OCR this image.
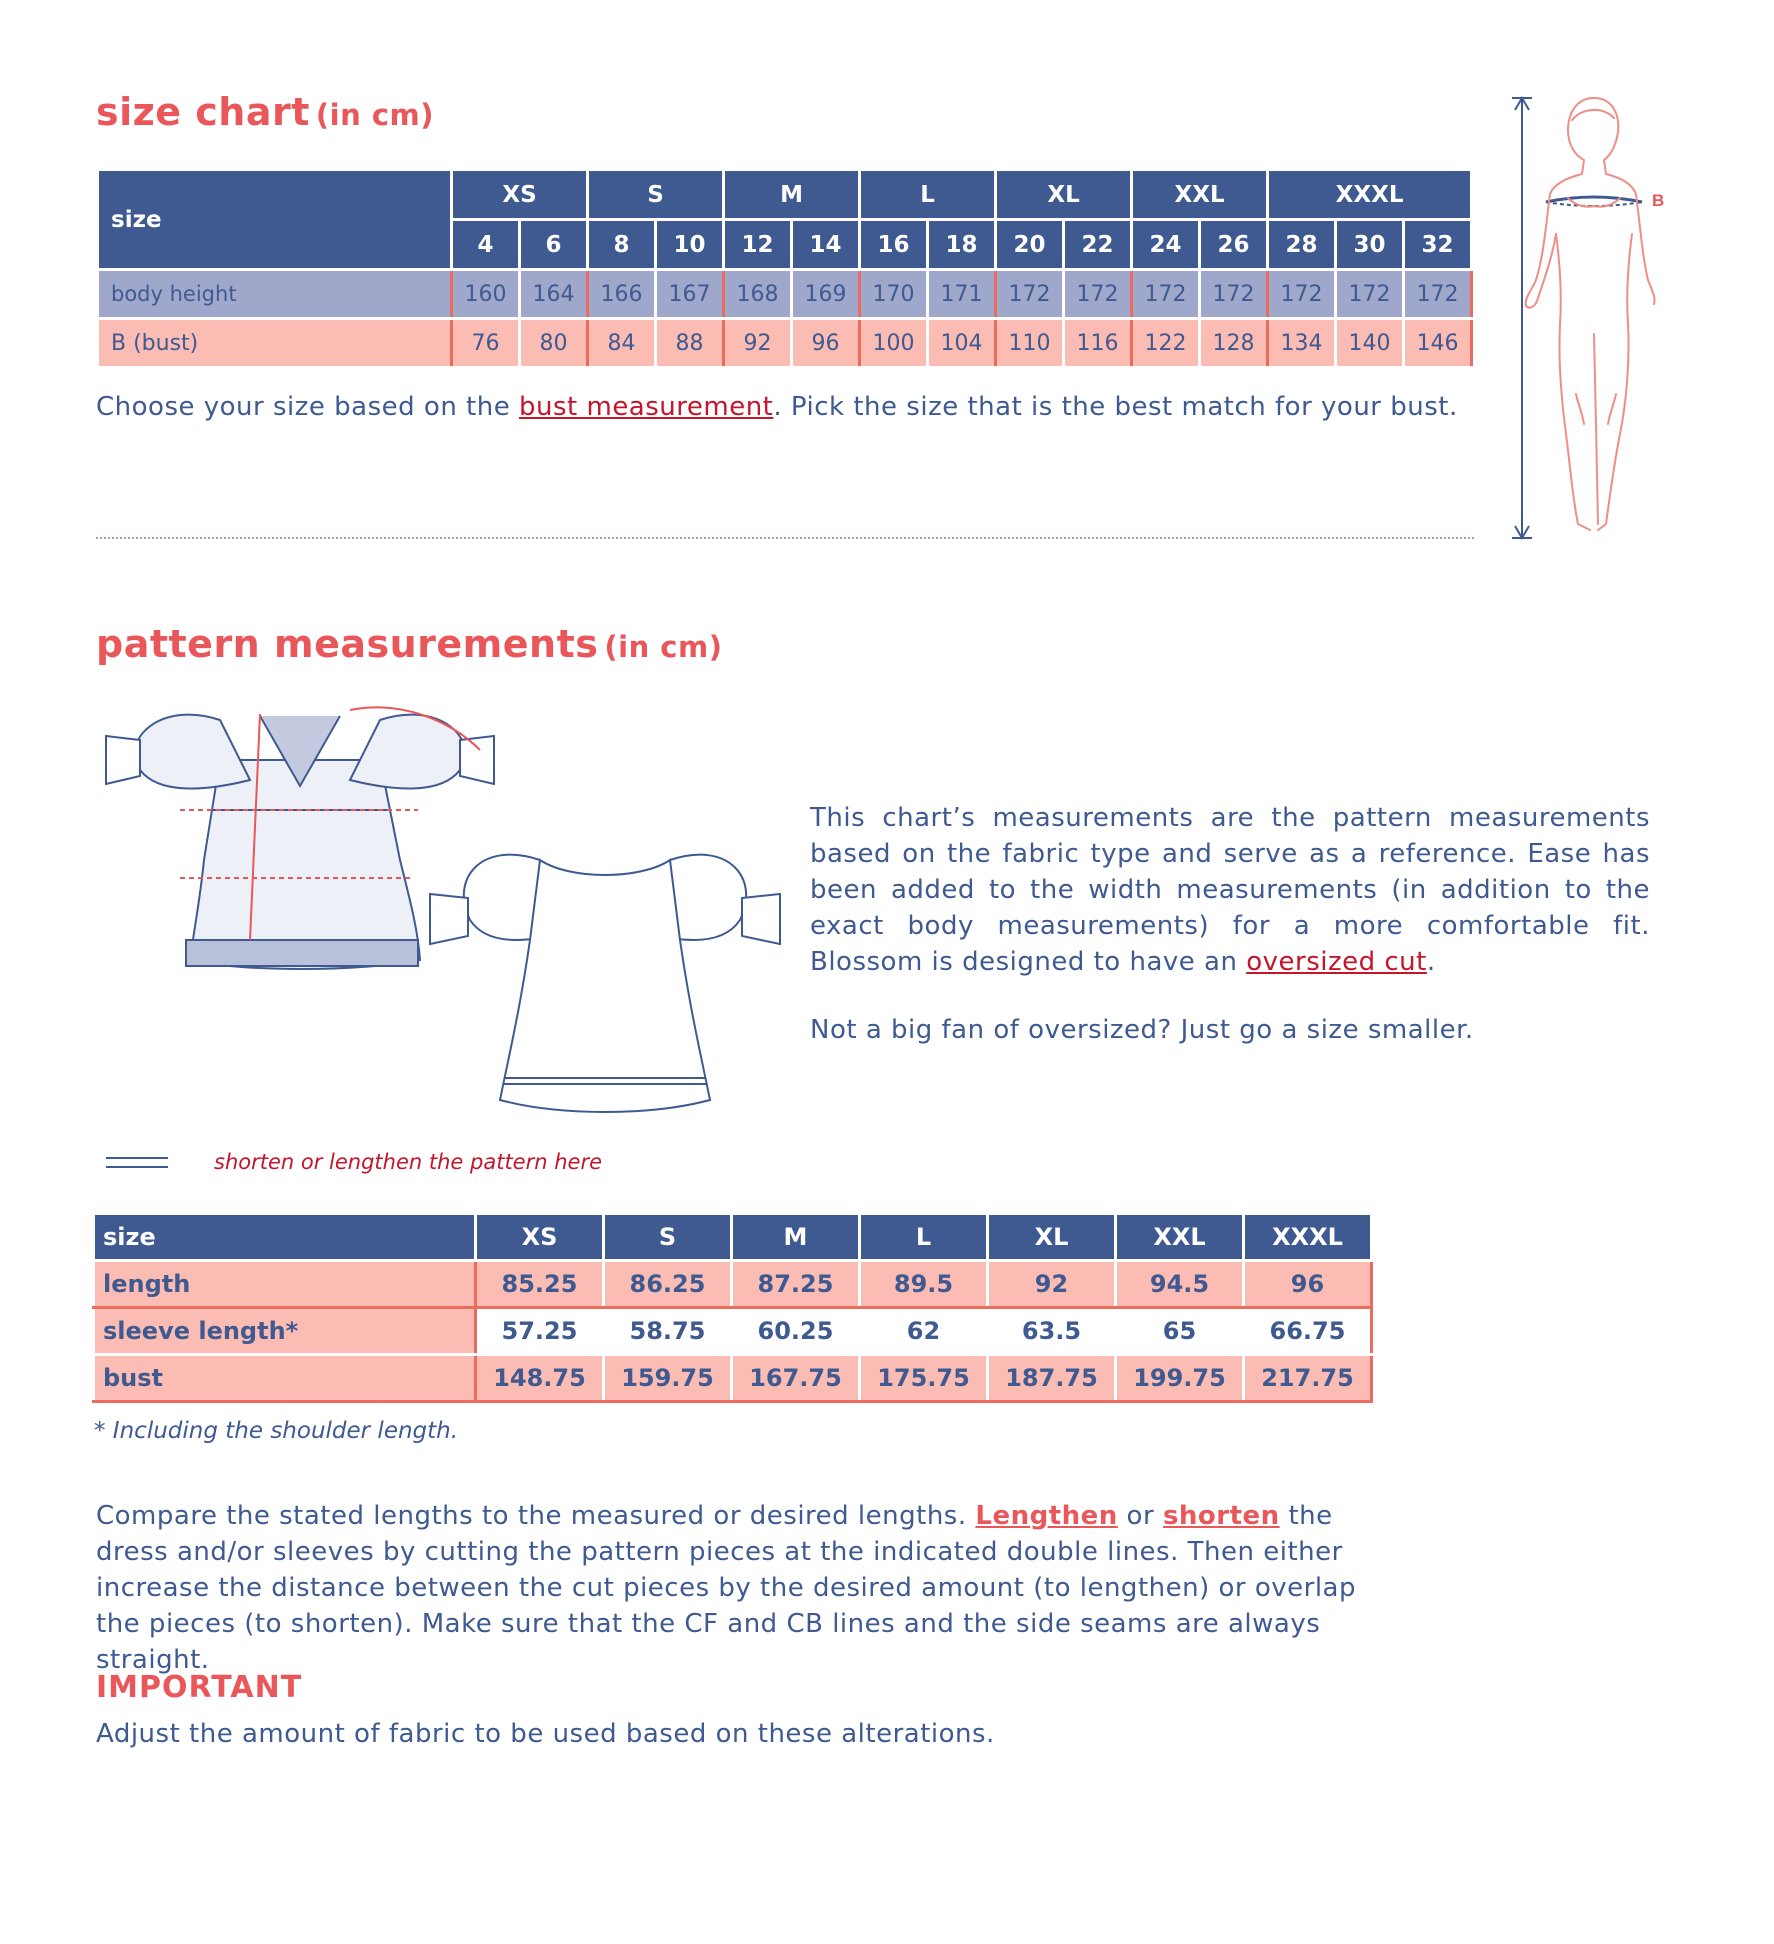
size chart (in cm)
size	XS		S		M		L		XL		XXL		XXXL		
	4	6	8	10	12	14	16	18	20	22	24	26	28	30	32
body height	160	164	166	167	168	169	170	171	172	172	172	172	172	172	172
B (bust)	76	80	84	88	92	96	100	104	110	116	122	128	134	140	146

Choose your size based on the bust measurement. Pick the size that is the best match for your bust.

B
pattern measurements (in cm)

This chart’s measurements are the pattern measurements based on the fabric type and serve as a reference. Ease has been added to the width measurements (in addition to the exact body measurements) for a more comfortable fit. Blossom is designed to have an oversized cut.

Not a big fan of oversized? Just go a size smaller.

shorten or lengthen the pattern here

size	XS	S	M	L	XL	XXL	XXXL
length	85.25	86.25	87.25	89.5	92	94.5	96
sleeve length*	57.25	58.75	60.25	62	63.5	65	66.75
bust	148.75	159.75	167.75	175.75	187.75	199.75	217.75

* Including the shoulder length.

Compare the stated lengths to the measured or desired lengths. Lengthen or shorten the dress and/or sleeves by cutting the pattern pieces at the indicated double lines. Then either increase the distance between the cut pieces by the desired amount (to lengthen) or overlap the pieces (to shorten). Make sure that the CF and CB lines and the side seams are always straight.

IMPORTANT

Adjust the amount of fabric to be used based on these alterations.
